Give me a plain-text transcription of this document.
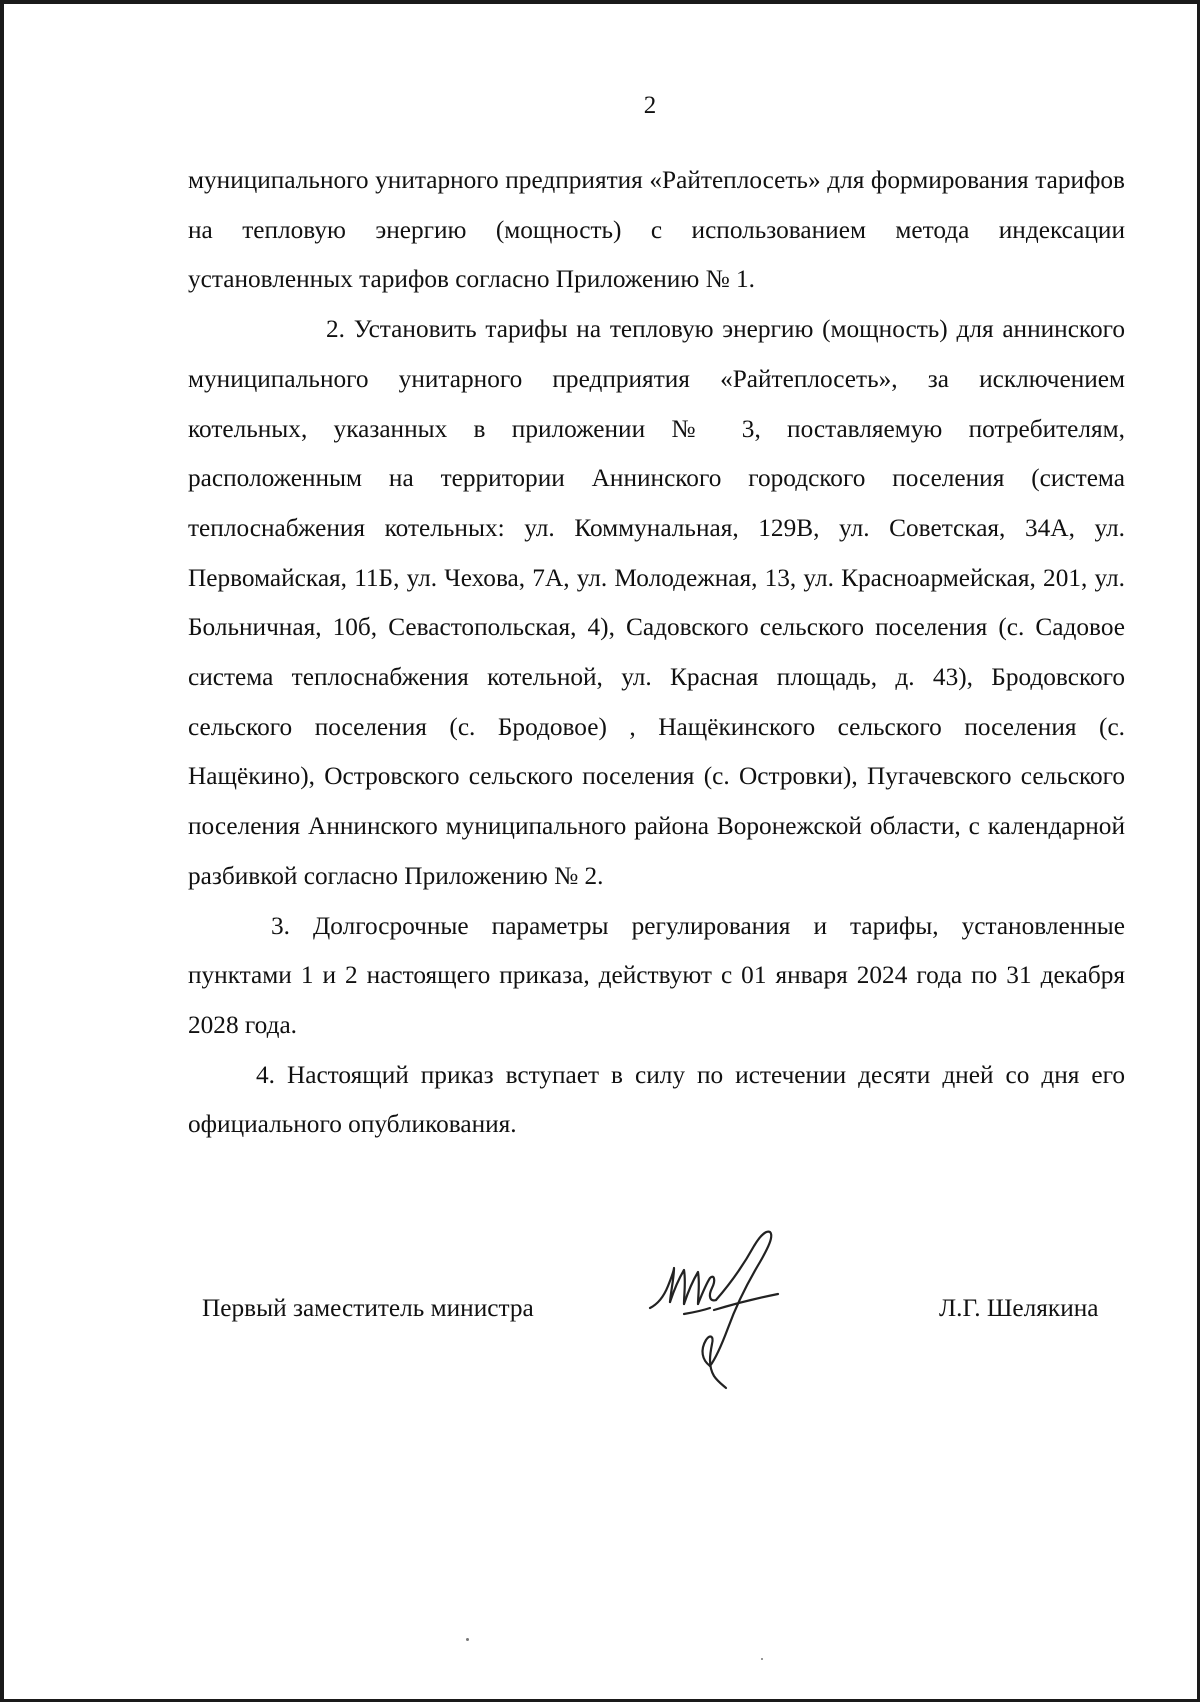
2

муниципального унитарного предприятия «Райтеплосеть» для формирования тарифов на тепловую энергию (мощность) с использованием метода индексации установленных тарифов согласно Приложению № 1.

2. Установить тарифы на тепловую энергию (мощность) для аннинского муниципального унитарного предприятия «Райтеплосеть», за исключением котельных, указанных в приложении № 3, поставляемую потребителям, расположенным на территории Аннинского городского поселения (система теплоснабжения котельных: ул. Коммунальная, 129В, ул. Советская, 34А, ул. Первомайская, 11Б, ул. Чехова, 7А, ул. Молодежная, 13, ул. Красноармейская, 201, ул. Больничная, 10б, Севастопольская, 4), Садовского сельского поселения (с. Садовое система теплоснабжения котельной, ул. Красная площадь, д. 43), Бродовского сельского поселения (с. Бродовое) , Нащёкинского сельского поселения (с. Нащёкино), Островского сельского поселения (с. Островки), Пугачевского сельского поселения Аннинского муниципального района Воронежской области, с календарной разбивкой согласно Приложению № 2.

3. Долгосрочные параметры регулирования и тарифы, установленные пунктами 1 и 2 настоящего приказа, действуют с 01 января 2024 года по 31 декабря 2028 года.

4. Настоящий приказ вступает в силу по истечении десяти дней со дня его официального опубликования.

Первый заместитель министра	Л.Г. Шелякина
